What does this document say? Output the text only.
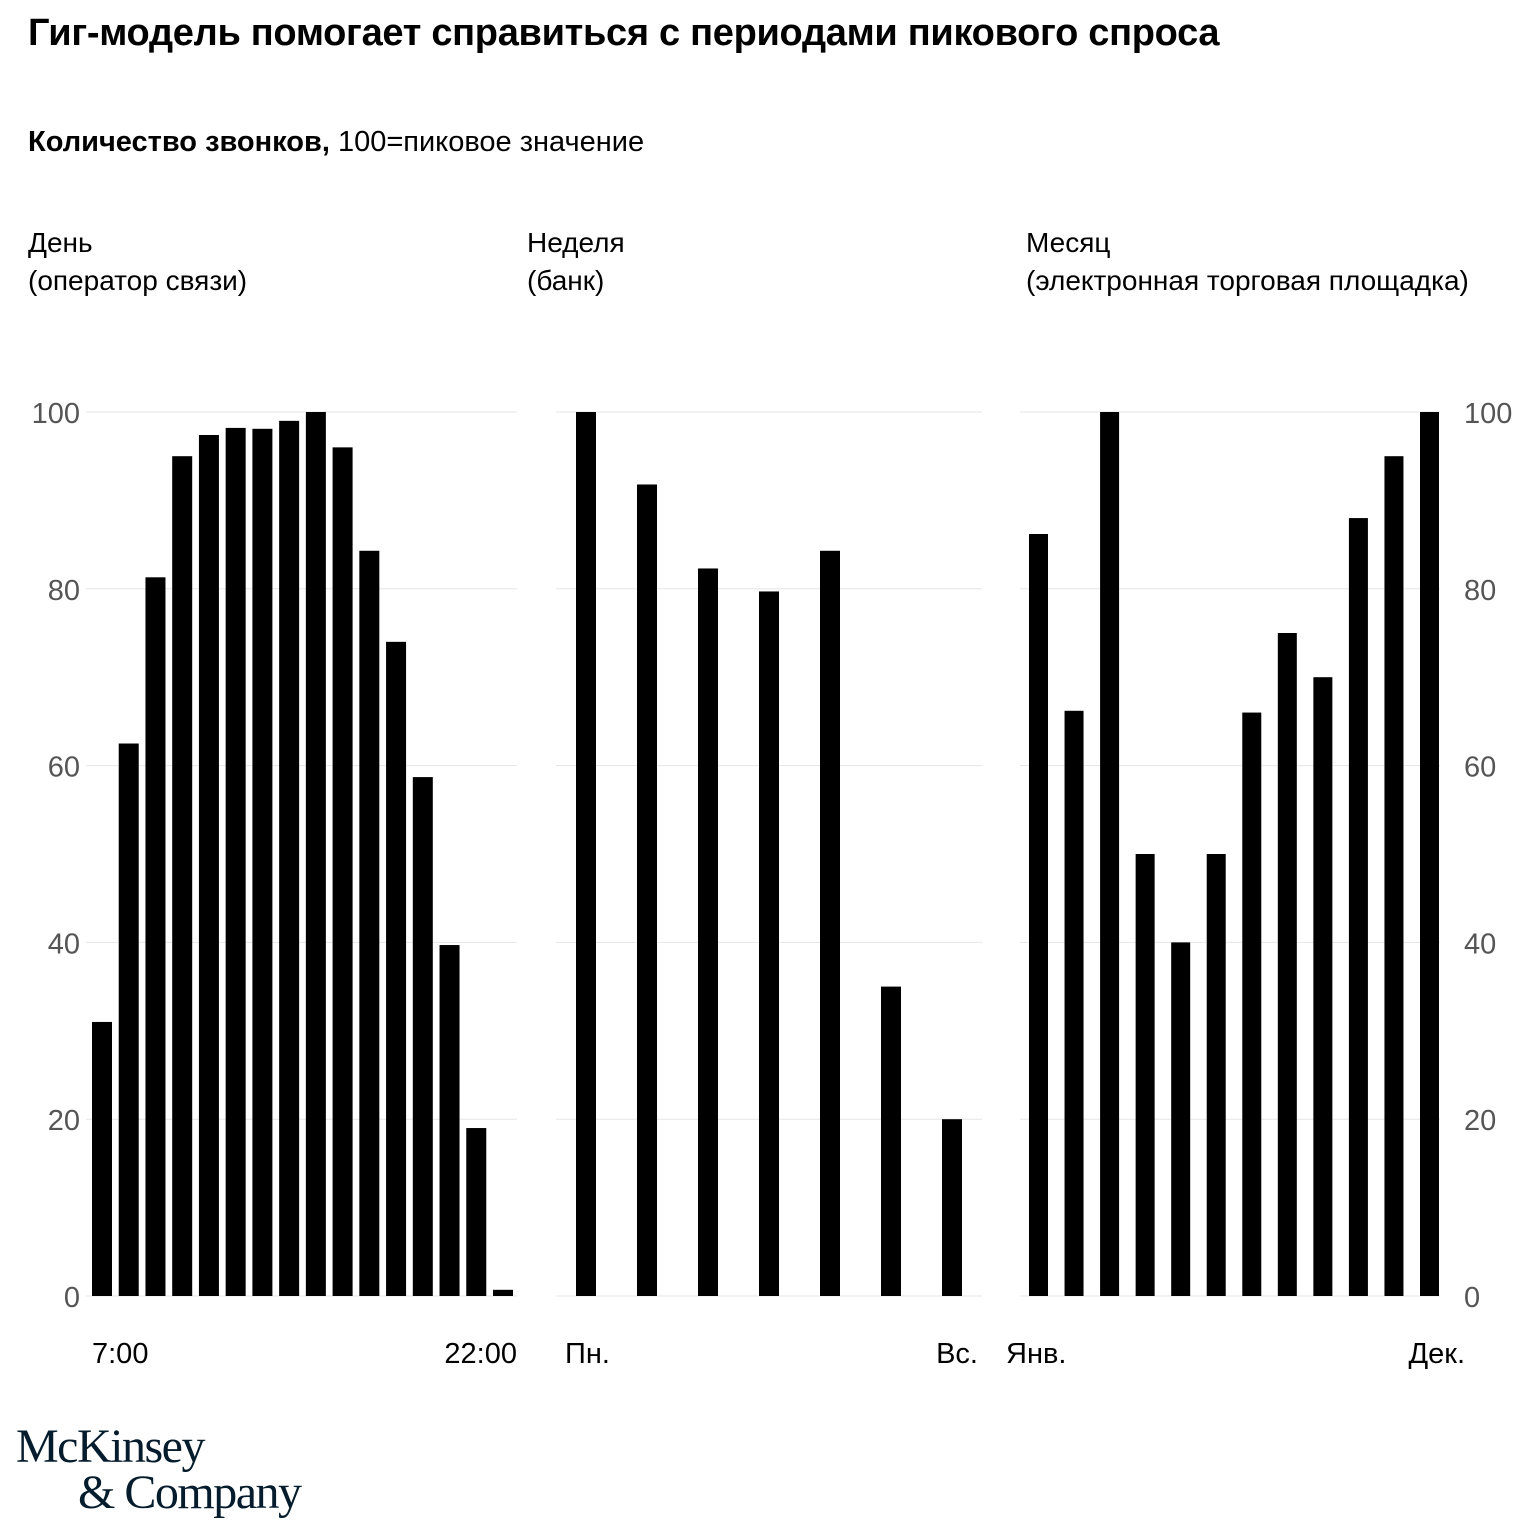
Гиг-модель помогает справиться с периодами пикового спроса
Количество звонков, 100=пиковое значение
День
(оператор связи)
Неделя
(банк)
Месяц
(электронная торговая площадка)
0
20
40
60
80
100
7:00	22:00 Пн.	Вс.
0
20
40
60
80
100
Янв.	Дек.
McKinsey
& Company
